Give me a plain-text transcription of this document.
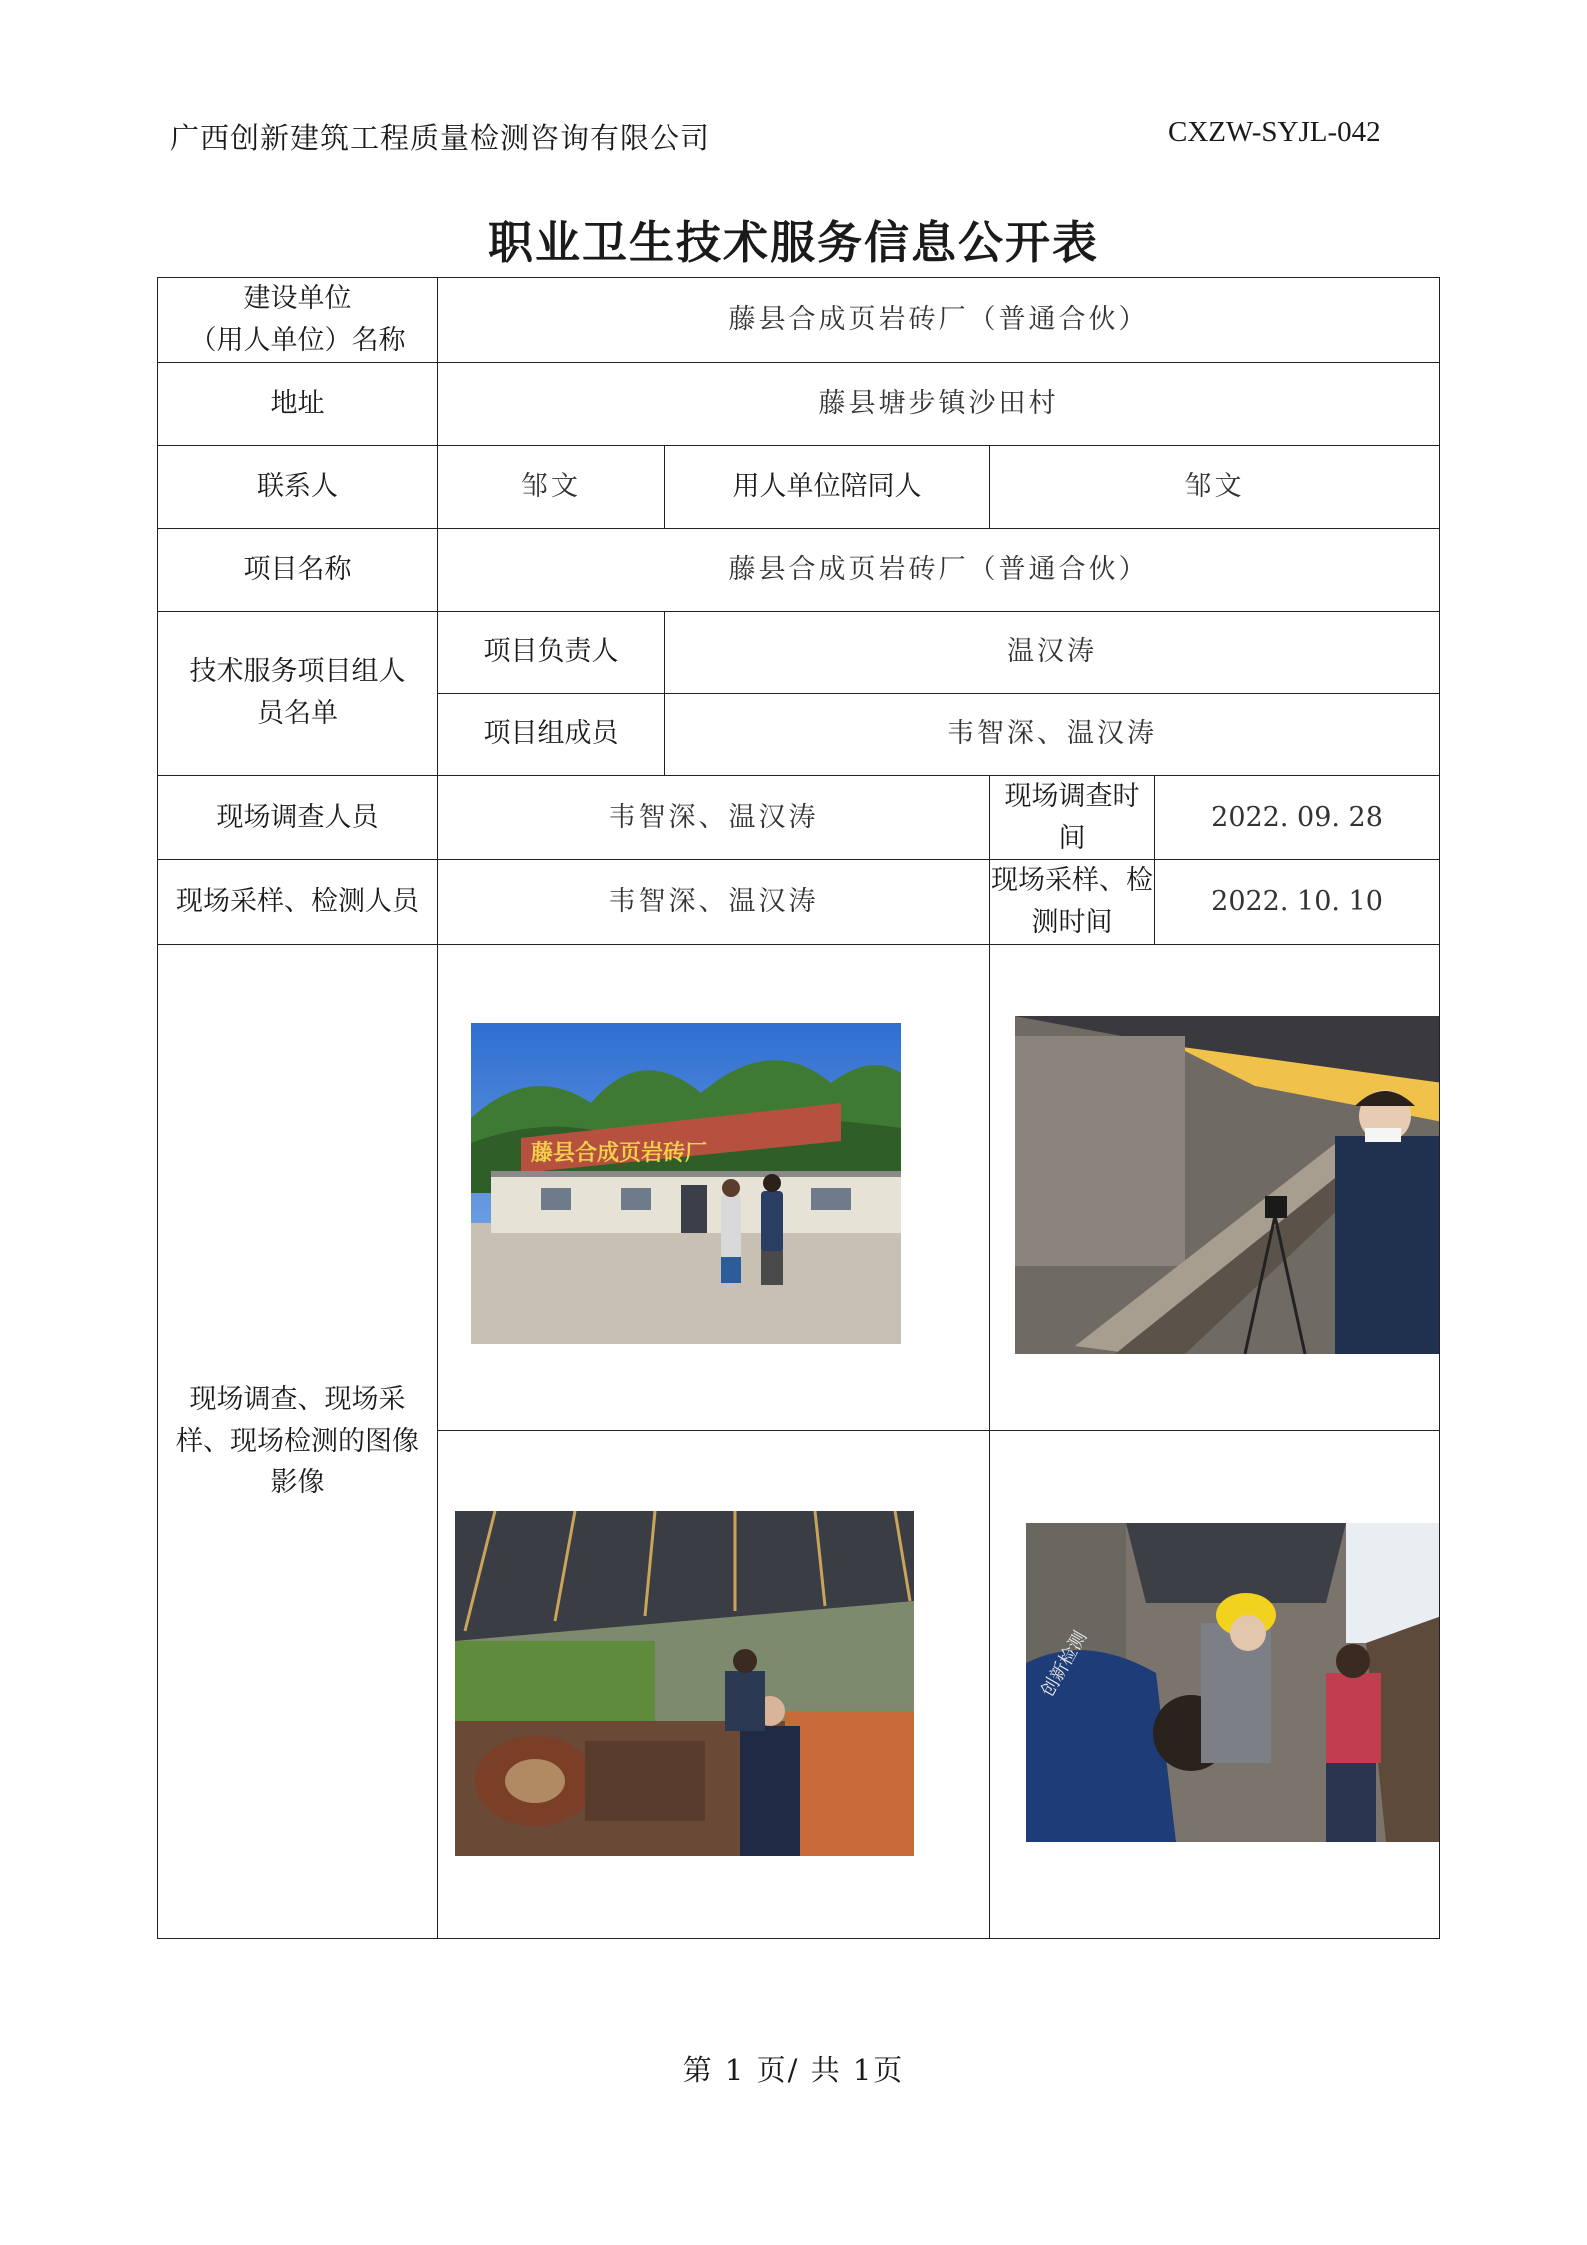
广西创新建筑工程质量检测咨询有限公司	CXZW-SYJL-042
职业卫生技术服务信息公开表
建设单位
（用人单位）名称	藤县合成页岩砖厂（普通合伙）			
地址	藤县塘步镇沙田村			
联系人	邹文	用人单位陪同人	邹文	
项目名称	藤县合成页岩砖厂（普通合伙）			
技术服务项目组人员名单	项目负责人	温汉涛		
	项目组成员	韦智深、温汉涛		
现场调查人员	韦智深、温汉涛		现场调查时间	2022. 09. 28
现场采样、检测人员	韦智深、温汉涛		现场采样、检测时间	2022. 10. 10
现场调查、现场采样、现场检测的图像影像	藤县合成页岩砖厂

创新检测	
第 1 页/ 共 1页
